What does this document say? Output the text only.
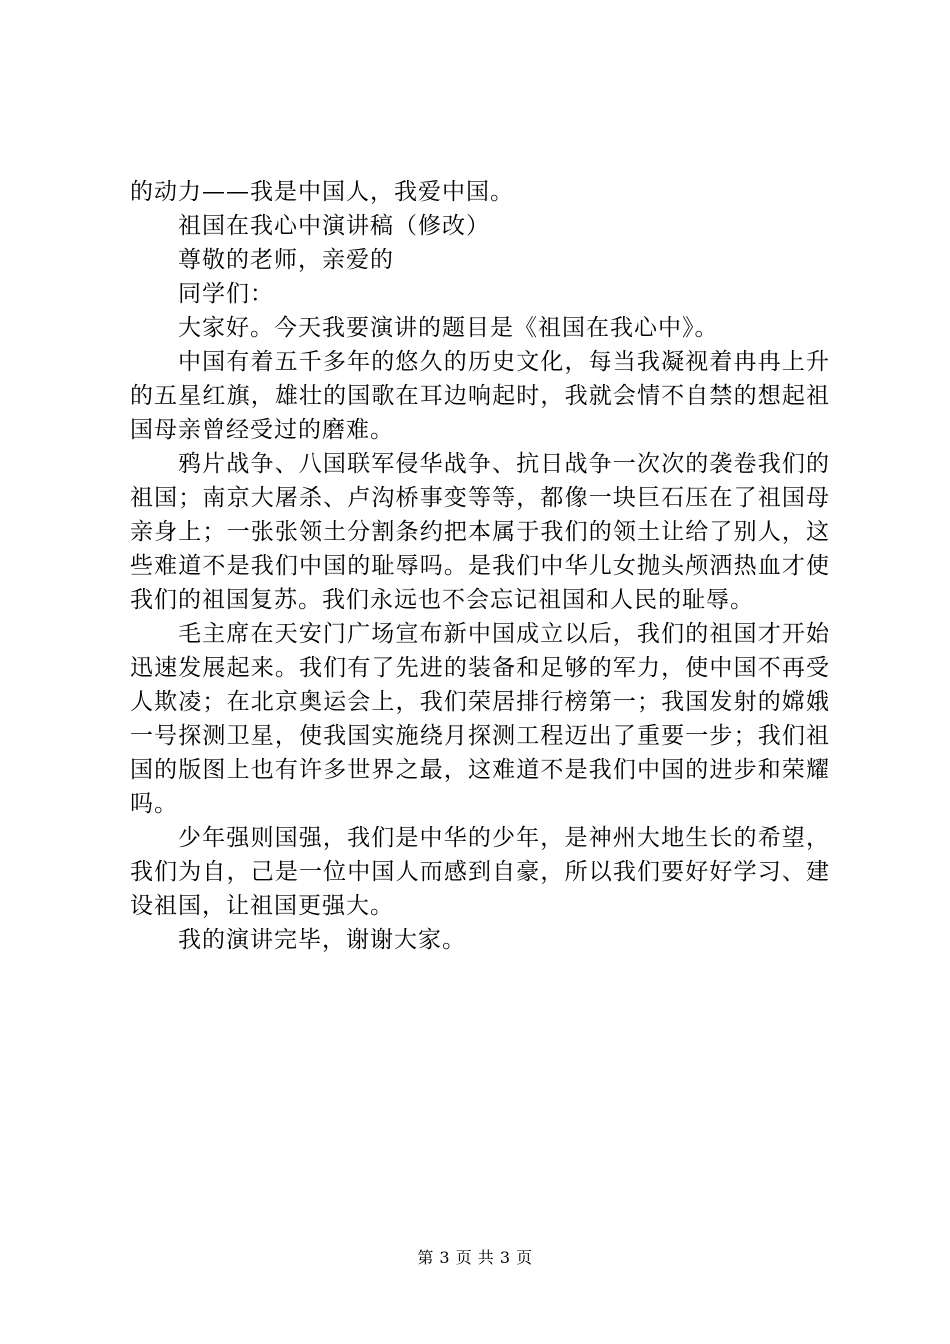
的动力——我是中国人，我爱中国。

祖国在我心中演讲稿（修改）

尊敬的老师，亲爱的

同学们：

大家好。今天我要演讲的题目是《祖国在我心中》。

中国有着五千多年的悠久的历史文化，每当我凝视着冉冉上升的五星红旗，雄壮的国歌在耳边响起时，我就会情不自禁的想起祖国母亲曾经受过的磨难。

鸦片战争、八国联军侵华战争、抗日战争一次次的袭卷我们的祖国；南京大屠杀、卢沟桥事变等等，都像一块巨石压在了祖国母亲身上；一张张领土分割条约把本属于我们的领土让给了别人，这些难道不是我们中国的耻辱吗。是我们中华儿女抛头颅洒热血才使我们的祖国复苏。我们永远也不会忘记祖国和人民的耻辱。

毛主席在天安门广场宣布新中国成立以后，我们的祖国才开始迅速发展起来。我们有了先进的装备和足够的军力，使中国不再受人欺凌；在北京奥运会上，我们荣居排行榜第一；我国发射的嫦娥一号探测卫星，使我国实施绕月探测工程迈出了重要一步；我们祖国的版图上也有许多世界之最，这难道不是我们中国的进步和荣耀吗。

少年强则国强，我们是中华的少年，是神州大地生长的希望，我们为自，己是一位中国人而感到自豪，所以我们要好好学习、建设祖国，让祖国更强大。

我的演讲完毕，谢谢大家。

第 3 页 共 3 页
